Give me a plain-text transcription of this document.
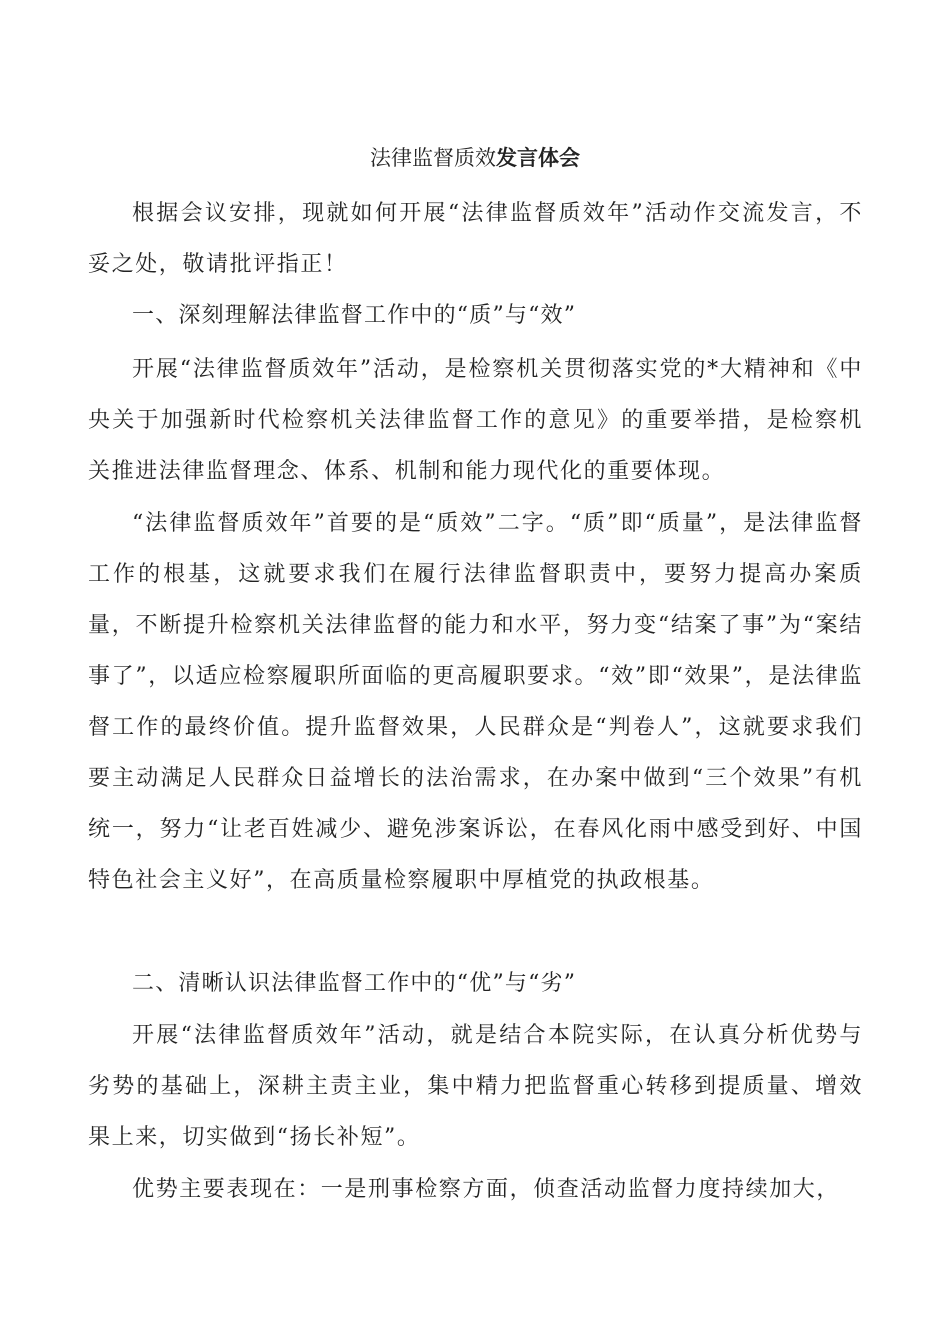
法律监督质效发言体会

根据会议安排，现就如何开展“法律监督质效年”活动作交流发言，不妥之处，敬请批评指正！

一、深刻理解法律监督工作中的“质”与“效”

开展“法律监督质效年”活动，是检察机关贯彻落实党的*大精神和《中央关于加强新时代检察机关法律监督工作的意见》的重要举措，是检察机关推进法律监督理念、体系、机制和能力现代化的重要体现。

“法律监督质效年”首要的是“质效”二字。“质”即“质量”，是法律监督工作的根基，这就要求我们在履行法律监督职责中，要努力提高办案质量，不断提升检察机关法律监督的能力和水平，努力变“结案了事”为“案结事了”，以适应检察履职所面临的更高履职要求。“效”即“效果”，是法律监督工作的最终价值。提升监督效果，人民群众是“判卷人”，这就要求我们要主动满足人民群众日益增长的法治需求，在办案中做到“三个效果”有机统一，努力“让老百姓减少、避免涉案诉讼，在春风化雨中感受到好、中国特色社会主义好”，在高质量检察履职中厚植党的执政根基。

二、清晰认识法律监督工作中的“优”与“劣”

开展“法律监督质效年”活动，就是结合本院实际，在认真分析优势与劣势的基础上，深耕主责主业，集中精力把监督重心转移到提质量、增效果上来，切实做到“扬长补短”。

优势主要表现在：一是刑事检察方面，侦查活动监督力度持续加大，
